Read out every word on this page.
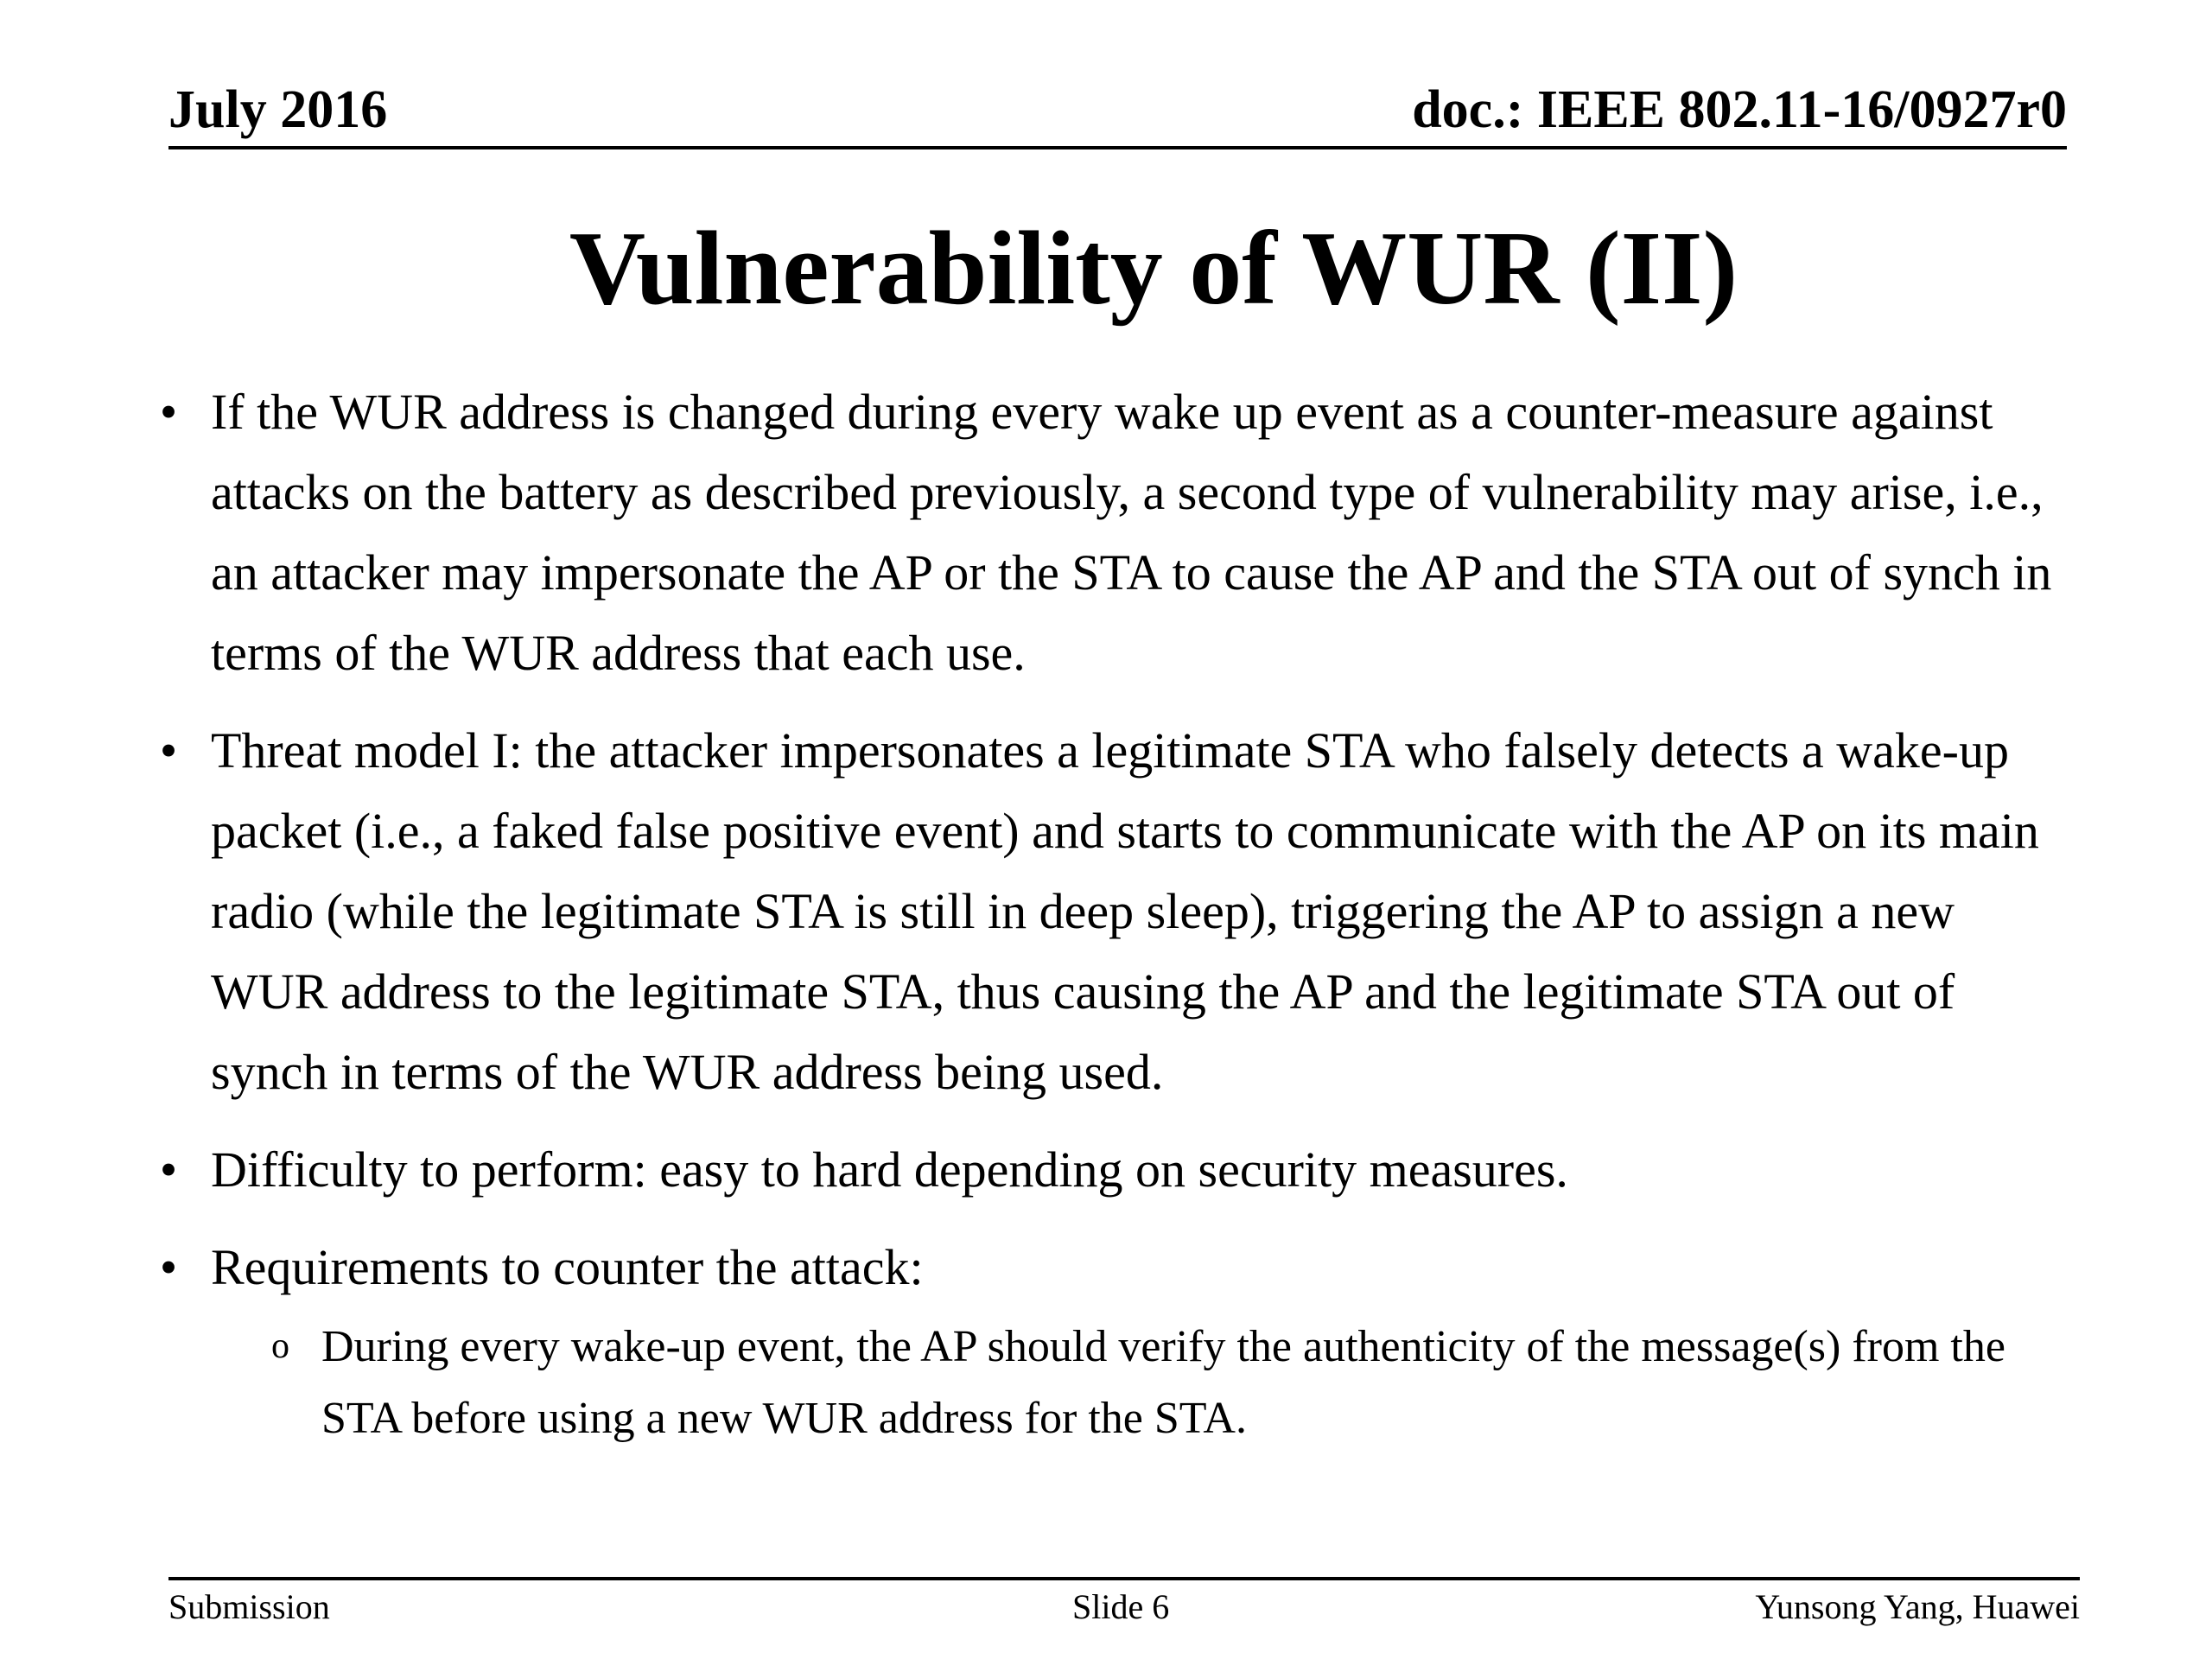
July 2016	doc.: IEEE 802.11-16/0927r0
Vulnerability of WUR (II)
• If the WUR address is changed during every wake up event as a counter-measure against attacks on the battery as described previously, a second type of vulnerability may arise, i.e., an attacker may impersonate the AP or the STA to cause the AP and the STA out of synch in terms of the WUR address that each use.
• Threat model I: the attacker impersonates a legitimate STA who falsely detects a wake-up packet (i.e., a faked false positive event) and starts to communicate with the AP on its main radio (while the legitimate STA is still in deep sleep), triggering the AP to assign a new WUR address to the legitimate STA, thus causing the AP and the legitimate STA out of synch in terms of the WUR address being used.
• Difficulty to perform: easy to hard depending on security measures.
• Requirements to counter the attack:
o During every wake-up event, the AP should verify the authenticity of the message(s) from the STA before using a new WUR address for the STA.
Submission	Slide 6	Yunsong Yang, Huawei
